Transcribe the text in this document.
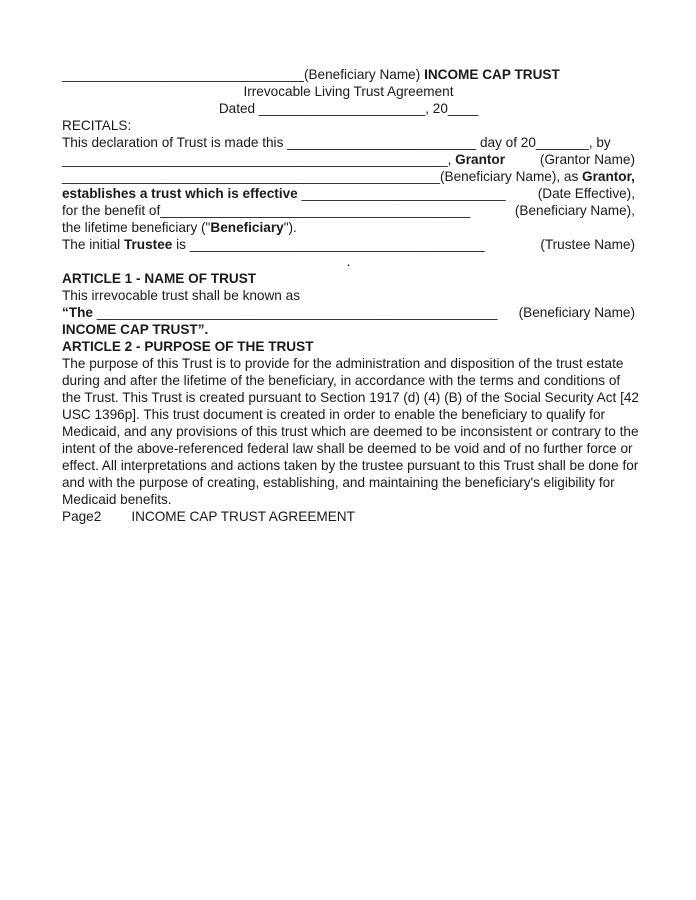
________________________________(Beneficiary Name) INCOME CAP TRUST

Irrevocable Living Trust Agreement

Dated ______________________, 20____

RECITALS:

This declaration of Trust is made this _________________________ day of 20_______, by

___________________________________________________, Grantor	(Grantor Name)

__________________________________________________(Beneficiary Name), as Grantor,

establishes a trust which is effective ___________________________ (Date Effective),

for the benefit of_________________________________________	(Beneficiary Name),

the lifetime beneficiary ("Beneficiary").

The initial Trustee is _______________________________________	(Trustee Name)

.

ARTICLE 1 - NAME OF TRUST

This irrevocable trust shall be known as

“The _____________________________________________________ (Beneficiary Name)

INCOME CAP TRUST”.

ARTICLE 2 - PURPOSE OF THE TRUST

The purpose of this Trust is to provide for the administration and disposition of the trust estate during and after the lifetime of the beneficiary, in accordance with the terms and conditions of the Trust. This Trust is created pursuant to Section 1917 (d) (4) (B) of the Social Security Act [42 USC 1396p]. This trust document is created in order to enable the beneficiary to qualify for Medicaid, and any provisions of this trust which are deemed to be inconsistent or contrary to the intent of the above-referenced federal law shall be deemed to be void and of no further force or effect. All interpretations and actions taken by the trustee pursuant to this Trust shall be done for and with the purpose of creating, establishing, and maintaining the beneficiary's eligibility for Medicaid benefits.

Page2 INCOME CAP TRUST AGREEMENT
